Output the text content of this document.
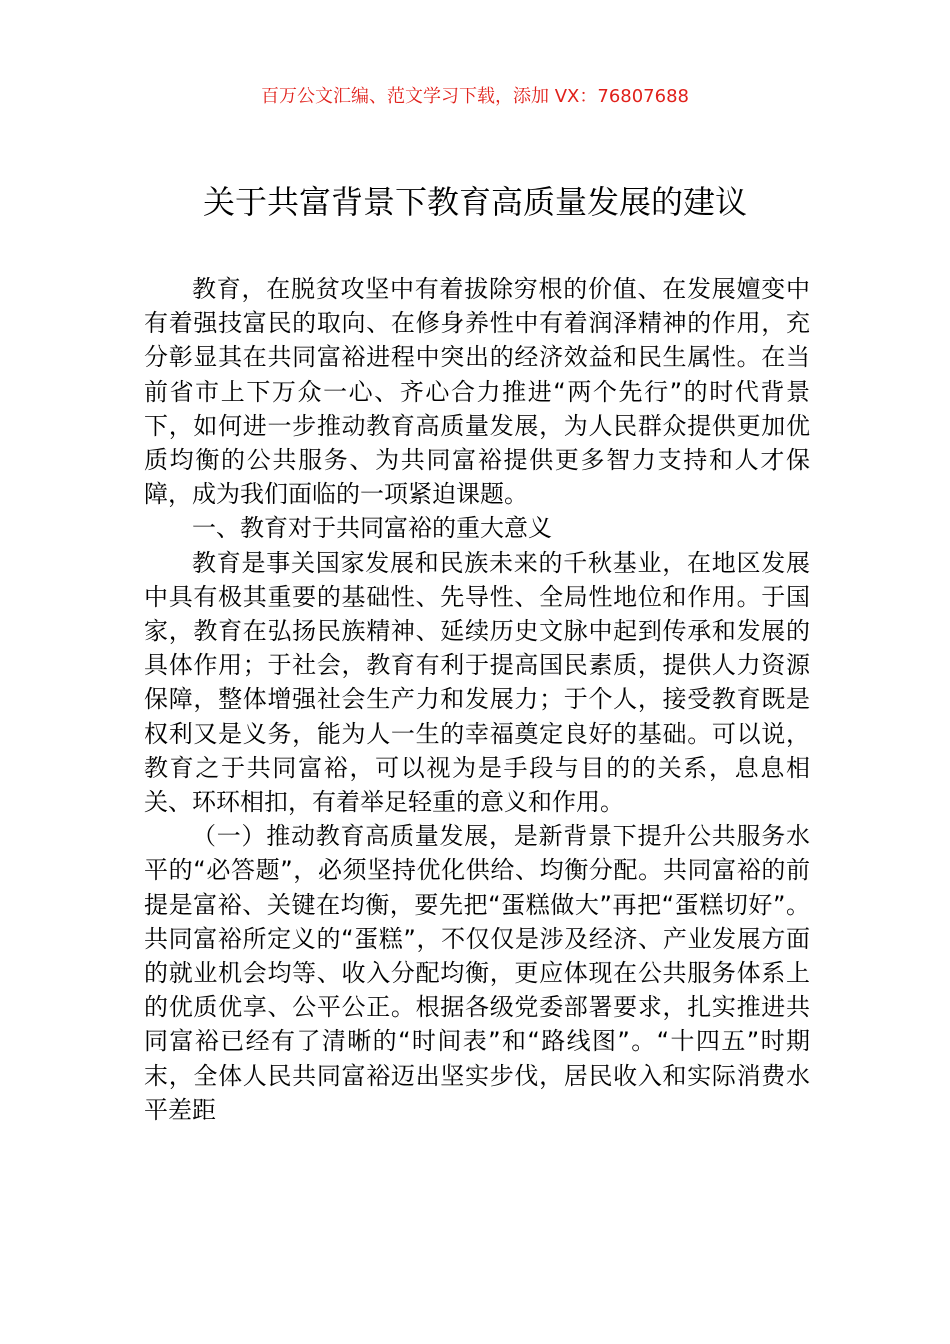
百万公文汇编、范文学习下载，添加 VX：76807688

关于共富背景下教育高质量发展的建议

教育，在脱贫攻坚中有着拔除穷根的价值、在发展嬗变中有着强技富民的取向、在修身养性中有着润泽精神的作用，充分彰显其在共同富裕进程中突出的经济效益和民生属性。在当前省市上下万众一心、齐心合力推进“两个先行”的时代背景下，如何进一步推动教育高质量发展，为人民群众提供更加优质均衡的公共服务、为共同富裕提供更多智力支持和人才保障，成为我们面临的一项紧迫课题。

一、教育对于共同富裕的重大意义

教育是事关国家发展和民族未来的千秋基业，在地区发展中具有极其重要的基础性、先导性、全局性地位和作用。于国家，教育在弘扬民族精神、延续历史文脉中起到传承和发展的具体作用；于社会，教育有利于提高国民素质，提供人力资源保障，整体增强社会生产力和发展力；于个人，接受教育既是权利又是义务，能为人一生的幸福奠定良好的基础。可以说，教育之于共同富裕，可以视为是手段与目的的关系，息息相关、环环相扣，有着举足轻重的意义和作用。

（一）推动教育高质量发展，是新背景下提升公共服务水平的“必答题”，必须坚持优化供给、均衡分配。共同富裕的前提是富裕、关键在均衡，要先把“蛋糕做大”再把“蛋糕切好”。共同富裕所定义的“蛋糕”，不仅仅是涉及经济、产业发展方面的就业机会均等、收入分配均衡，更应体现在公共服务体系上的优质优享、公平公正。根据各级党委部署要求，扎实推进共同富裕已经有了清晰的“时间表”和“路线图”。“十四五”时期末，全体人民共同富裕迈出坚实步伐，居民收入和实际消费水平差距
